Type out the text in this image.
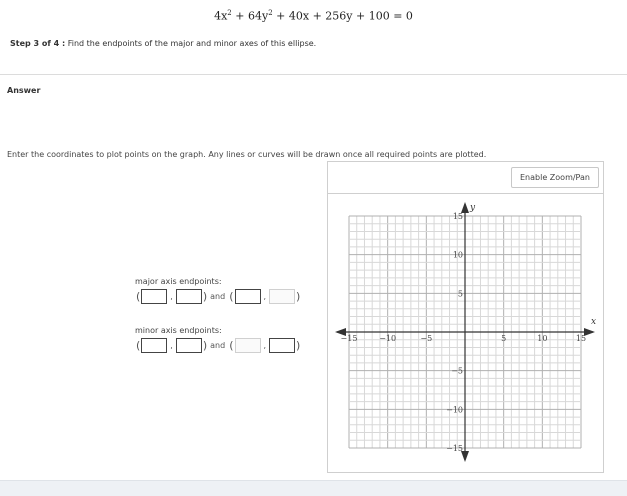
$4x^2 + 64y^2 + 40x + 256y + 100 = 0$
Step 3 of 4 : Find the endpoints of the major and minor axes of this ellipse.
Answer
Enter the coordinates to plot points on the graph. Any lines or curves will be drawn once all required points are plotted.
major axis endpoints:
(	,	) and (	,	)
minor axis endpoints:
(	,	) and (	,	)
Enable Zoom/Pan
x
y
−15	−10	−5	5	10	15
15
10
5
−5
−10
−15
